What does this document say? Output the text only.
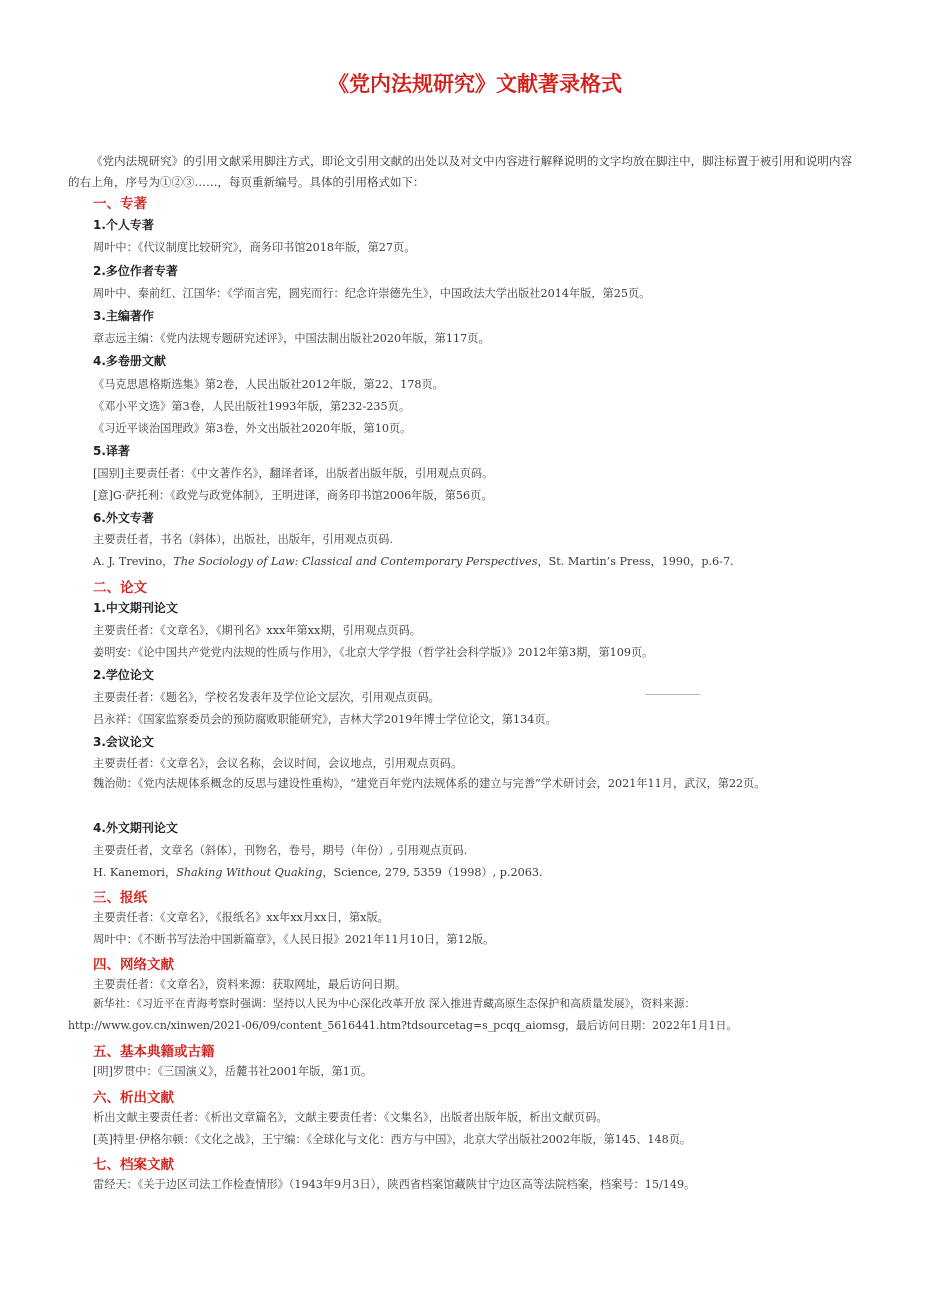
《党内法规研究》文献著录格式

《党内法规研究》的引用文献采用脚注方式，即论文引用文献的出处以及对文中内容进行解释说明的文字均放在脚注中，脚注标置于被引用和说明内容的右上角，序号为①②③……，每页重新编号。具体的引用格式如下：

一、专著
1.个人专著
周叶中：《代议制度比较研究》，商务印书馆2018年版，第27页。
2.多位作者专著
周叶中、秦前红、江国华：《学而言宪，圆宪而行：纪念许崇德先生》，中国政法大学出版社2014年版，第25页。
3.主编著作
章志远主编：《党内法规专题研究述评》，中国法制出版社2020年版，第117页。
4.多卷册文献
《马克思恩格斯选集》第2卷，人民出版社2012年版，第22、178页。
《邓小平文选》第3卷，人民出版社1993年版，第232-235页。
《习近平谈治国理政》第3卷，外文出版社2020年版，第10页。
5.译著
[国别]主要责任者：《中文著作名》，翻译者译，出版者出版年版，引用观点页码。
[意]G·萨托利：《政党与政党体制》，王明进译，商务印书馆2006年版，第56页。
6.外文专著
主要责任者，书名（斜体），出版社，出版年，引用观点页码.
A. J. Trevino，The Sociology of Law: Classical and Contemporary Perspectives，St. Martin’s Press，1990，p.6-7.
二、论文
1.中文期刊论文
主要责任者：《文章名》，《期刊名》xxx年第xx期，引用观点页码。
姜明安：《论中国共产党党内法规的性质与作用》，《北京大学学报（哲学社会科学版）》2012年第3期，第109页。
2.学位论文
主要责任者：《题名》，学校名发表年及学位论文层次，引用观点页码。
吕永祥：《国家监察委员会的预防腐败职能研究》，吉林大学2019年博士学位论文，第134页。
3.会议论文
主要责任者：《文章名》，会议名称，会议时间，会议地点，引用观点页码。
魏治勋：《党内法规体系概念的反思与建设性重构》，“建党百年党内法规体系的建立与完善”学术研讨会，2021年11月，武汉，第22页。
4.外文期刊论文
主要责任者，文章名（斜体），刊物名，卷号，期号（年份）, 引用观点页码.
H. Kanemori，Shaking Without Quaking，Science, 279, 5359（1998）, p.2063.
三、报纸
主要责任者：《文章名》，《报纸名》xx年xx月xx日，第x版。
周叶中：《不断书写法治中国新篇章》，《人民日报》2021年11月10日，第12版。
四、网络文献
主要责任者：《文章名》，资料来源：获取网址，最后访问日期。
新华社：《习近平在青海考察时强调：坚持以人民为中心深化改革开放 深入推进青藏高原生态保护和高质量发展》，资料来源：http://www.gov.cn/xinwen/2021-06/09/content_5616441.htm?tdsourcetag=s_pcqq_aiomsg，最后访问日期：2022年1月1日。
五、基本典籍或古籍
[明]罗贯中：《三国演义》，岳麓书社2001年版，第1页。
六、析出文献
析出文献主要责任者：《析出文章篇名》，文献主要责任者：《文集名》，出版者出版年版，析出文献页码。
[英]特里·伊格尔顿：《文化之战》，王宁编：《全球化与文化：西方与中国》，北京大学出版社2002年版，第145、148页。
七、档案文献
雷经天：《关于边区司法工作检查情形》（1943年9月3日），陕西省档案馆藏陕甘宁边区高等法院档案，档案号：15/149。
